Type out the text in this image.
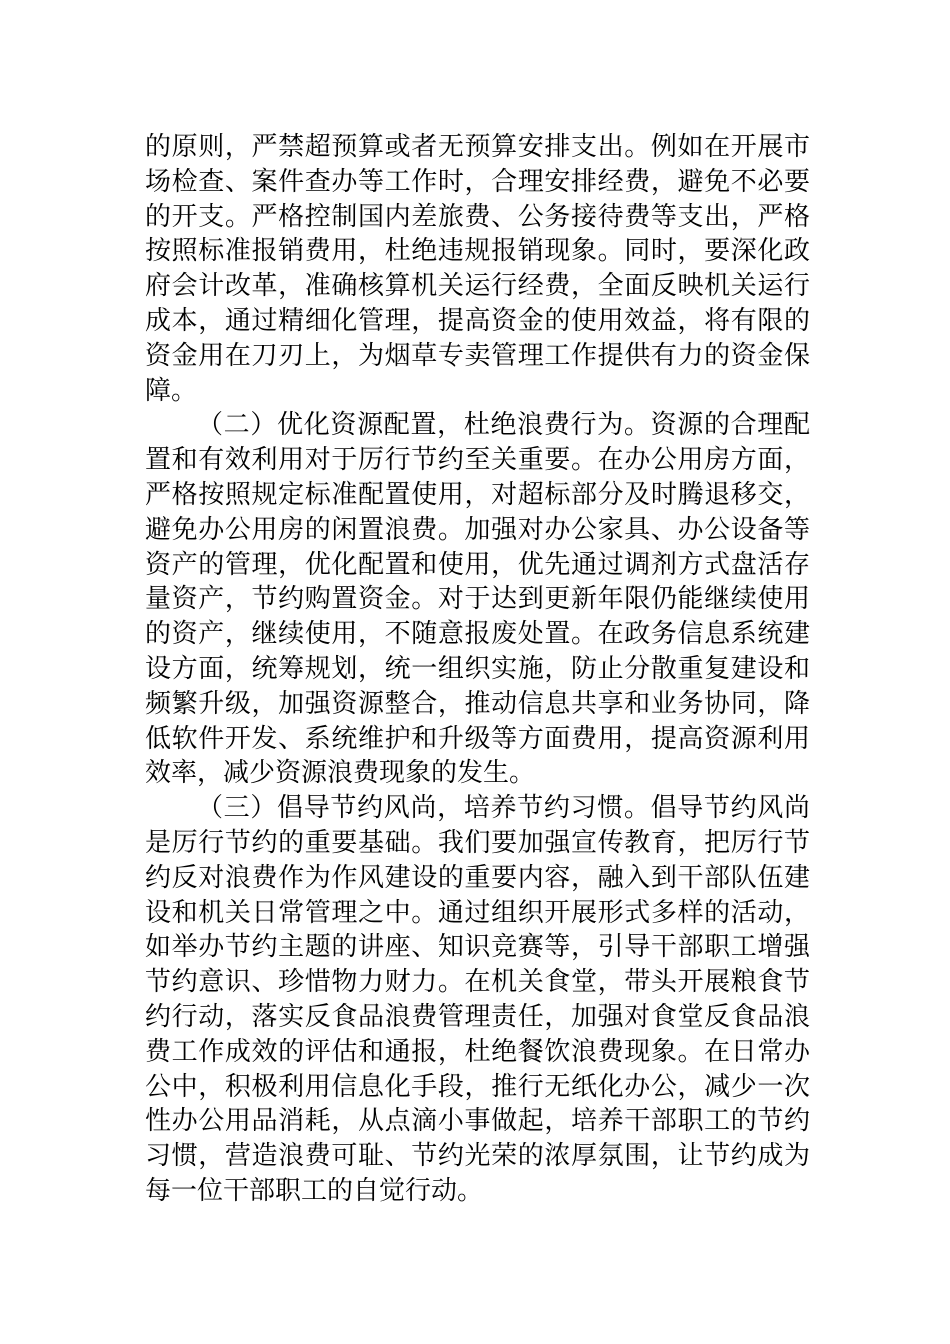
的原则，严禁超预算或者无预算安排支出。例如在开展市
场检查、案件查办等工作时，合理安排经费，避免不必要
的开支。严格控制国内差旅费、公务接待费等支出，严格
按照标准报销费用，杜绝违规报销现象。同时，要深化政
府会计改革，准确核算机关运行经费，全面反映机关运行
成本，通过精细化管理，提高资金的使用效益，将有限的
资金用在刀刃上，为烟草专卖管理工作提供有力的资金保
障。
（二）优化资源配置，杜绝浪费行为。资源的合理配
置和有效利用对于厉行节约至关重要。在办公用房方面，
严格按照规定标准配置使用，对超标部分及时腾退移交，
避免办公用房的闲置浪费。加强对办公家具、办公设备等
资产的管理，优化配置和使用，优先通过调剂方式盘活存
量资产，节约购置资金。对于达到更新年限仍能继续使用
的资产，继续使用，不随意报废处置。在政务信息系统建
设方面，统筹规划，统一组织实施，防止分散重复建设和
频繁升级，加强资源整合，推动信息共享和业务协同，降
低软件开发、系统维护和升级等方面费用，提高资源利用
效率，减少资源浪费现象的发生。
（三）倡导节约风尚，培养节约习惯。倡导节约风尚
是厉行节约的重要基础。我们要加强宣传教育，把厉行节
约反对浪费作为作风建设的重要内容，融入到干部队伍建
设和机关日常管理之中。通过组织开展形式多样的活动，
如举办节约主题的讲座、知识竞赛等，引导干部职工增强
节约意识、珍惜物力财力。在机关食堂，带头开展粮食节
约行动，落实反食品浪费管理责任，加强对食堂反食品浪
费工作成效的评估和通报，杜绝餐饮浪费现象。在日常办
公中，积极利用信息化手段，推行无纸化办公，减少一次
性办公用品消耗，从点滴小事做起，培养干部职工的节约
习惯，营造浪费可耻、节约光荣的浓厚氛围，让节约成为
每一位干部职工的自觉行动。
